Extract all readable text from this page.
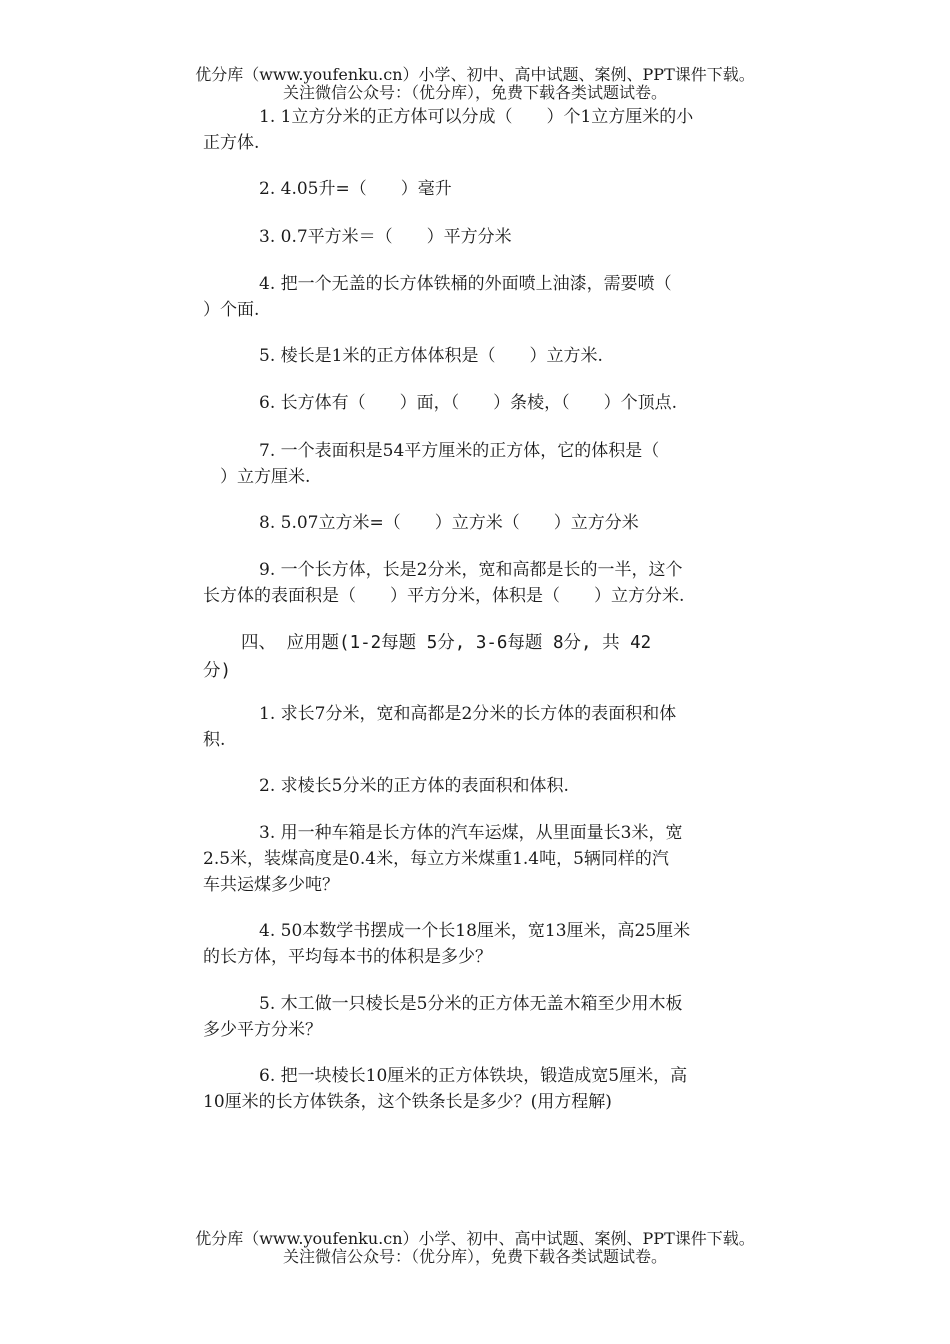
优分库（www.youfenku.cn）小学、初中、高中试题、案例、PPT课件下载。
关注微信公众号：（优分库），免费下载各类试题试卷。

1. 1立方分米的正方体可以分成（　　）个1立方厘米的小

正方体.

2. 4.05升=（　　）毫升

3. 0.7平方米＝（　　）平方分米

4. 把一个无盖的长方体铁桶的外面喷上油漆，需要喷（

）个面.

5. 棱长是1米的正方体体积是（　　）立方米.

6. 长方体有（　　）面，（　　）条棱，（　　）个顶点.

7. 一个表面积是54平方厘米的正方体，它的体积是（

　）立方厘米.

8. 5.07立方米=（　　）立方米（　　）立方分米

9. 一个长方体，长是2分米，宽和高都是长的一半，这个

长方体的表面积是（　　）平方分米，体积是（　　）立方分米.

四、 应用题(1-2每题 5分, 3-6每题 8分, 共 42

分)

1. 求长7分米，宽和高都是2分米的长方体的表面积和体

积.

2. 求棱长5分米的正方体的表面积和体积.

3. 用一种车箱是长方体的汽车运煤，从里面量长3米，宽

2.5米，装煤高度是0.4米，每立方米煤重1.4吨，5辆同样的汽

车共运煤多少吨？

4. 50本数学书摆成一个长18厘米，宽13厘米，高25厘米

的长方体，平均每本书的体积是多少？

5. 木工做一只棱长是5分米的正方体无盖木箱至少用木板

多少平方分米？

6. 把一块棱长10厘米的正方体铁块，锻造成宽5厘米，高

10厘米的长方体铁条，这个铁条长是多少？(用方程解)

优分库（www.youfenku.cn）小学、初中、高中试题、案例、PPT课件下载。
关注微信公众号：（优分库），免费下载各类试题试卷。
